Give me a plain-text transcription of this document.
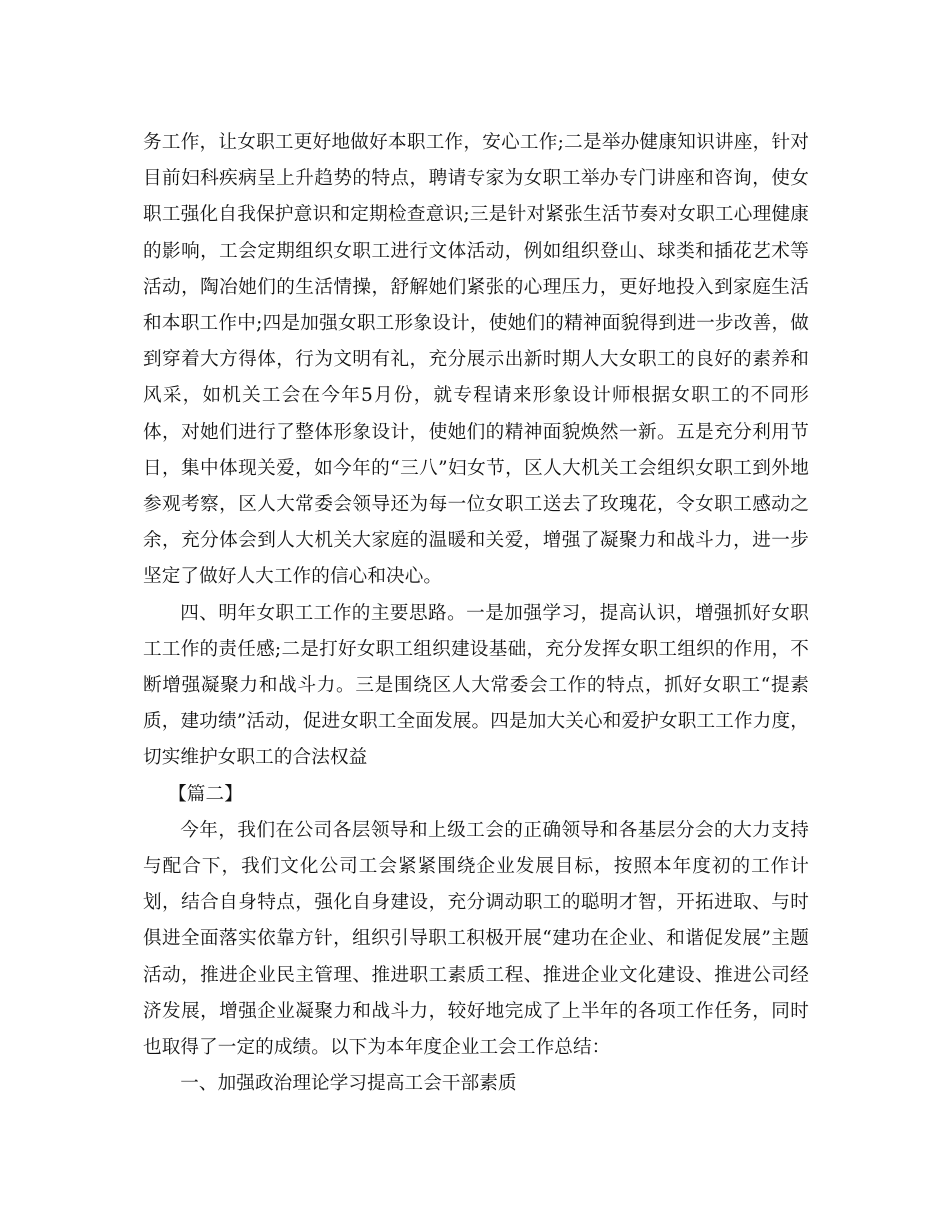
务工作，让女职工更好地做好本职工作，安心工作;二是举办健康知识讲座，针对目前妇科疾病呈上升趋势的特点，聘请专家为女职工举办专门讲座和咨询，使女职工强化自我保护意识和定期检查意识;三是针对紧张生活节奏对女职工心理健康的影响，工会定期组织女职工进行文体活动，例如组织登山、球类和插花艺术等活动，陶冶她们的生活情操，舒解她们紧张的心理压力，更好地投入到家庭生活和本职工作中;四是加强女职工形象设计，使她们的精神面貌得到进一步改善，做到穿着大方得体，行为文明有礼，充分展示出新时期人大女职工的良好的素养和风采，如机关工会在今年5月份，就专程请来形象设计师根据女职工的不同形体，对她们进行了整体形象设计，使她们的精神面貌焕然一新。五是充分利用节日，集中体现关爱，如今年的“三八”妇女节，区人大机关工会组织女职工到外地参观考察，区人大常委会领导还为每一位女职工送去了玫瑰花，令女职工感动之余，充分体会到人大机关大家庭的温暖和关爱，增强了凝聚力和战斗力，进一步坚定了做好人大工作的信心和决心。

四、明年女职工工作的主要思路。一是加强学习，提高认识，增强抓好女职工工作的责任感;二是打好女职工组织建设基础，充分发挥女职工组织的作用，不断增强凝聚力和战斗力。三是围绕区人大常委会工作的特点，抓好女职工“提素质，建功绩”活动，促进女职工全面发展。四是加大关心和爱护女职工工作力度，切实维护女职工的合法权益

【篇二】

今年，我们在公司各层领导和上级工会的正确领导和各基层分会的大力支持与配合下，我们文化公司工会紧紧围绕企业发展目标，按照本年度初的工作计划，结合自身特点，强化自身建设，充分调动职工的聪明才智，开拓进取、与时俱进全面落实依靠方针，组织引导职工积极开展“建功在企业、和谐促发展”主题活动，推进企业民主管理、推进职工素质工程、推进企业文化建设、推进公司经济发展，增强企业凝聚力和战斗力，较好地完成了上半年的各项工作任务，同时也取得了一定的成绩。以下为本年度企业工会工作总结：

一、加强政治理论学习提高工会干部素质
